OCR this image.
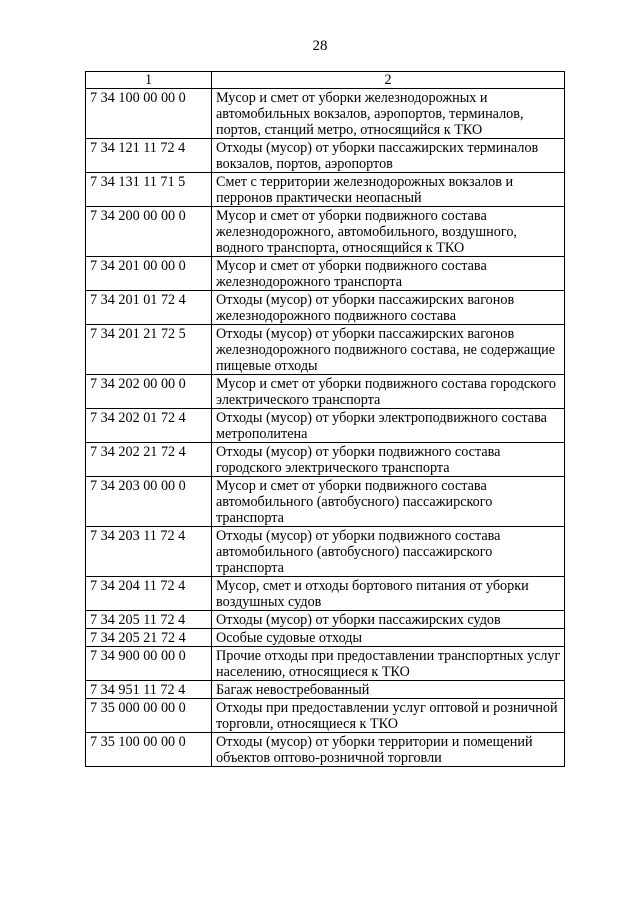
28
1	2
7 34 100 00 00 0	Мусор и смет от уборки железнодорожных и автомобильных вокзалов, аэропортов, терминалов, портов, станций метро, относящийся к ТКО
7 34 121 11 72 4	Отходы (мусор) от уборки пассажирских терминалов вокзалов, портов, аэропортов
7 34 131 11 71 5	Смет с территории железнодорожных вокзалов и перронов практически неопасный
7 34 200 00 00 0	Мусор и смет от уборки подвижного состава железнодорожного, автомобильного, воздушного, водного транспорта, относящийся к ТКО
7 34 201 00 00 0	Мусор и смет от уборки подвижного состава железнодорожного транспорта
7 34 201 01 72 4	Отходы (мусор) от уборки пассажирских вагонов железнодорожного подвижного состава
7 34 201 21 72 5	Отходы (мусор) от уборки пассажирских вагонов железнодорожного подвижного состава, не содержащие пищевые отходы
7 34 202 00 00 0	Мусор и смет от уборки подвижного состава городского электрического транспорта
7 34 202 01 72 4	Отходы (мусор) от уборки электроподвижного состава метрополитена
7 34 202 21 72 4	Отходы (мусор) от уборки подвижного состава городского электрического транспорта
7 34 203 00 00 0	Мусор и смет от уборки подвижного состава автомобильного (автобусного) пассажирского транспорта
7 34 203 11 72 4	Отходы (мусор) от уборки подвижного состава автомобильного (автобусного) пассажирского транспорта
7 34 204 11 72 4	Мусор, смет и отходы бортового питания от уборки воздушных судов
7 34 205 11 72 4	Отходы (мусор) от уборки пассажирских судов
7 34 205 21 72 4	Особые судовые отходы
7 34 900 00 00 0	Прочие отходы при предоставлении транспортных услуг населению, относящиеся к ТКО
7 34 951 11 72 4	Багаж невостребованный
7 35 000 00 00 0	Отходы при предоставлении услуг оптовой и розничной торговли, относящиеся к ТКО
7 35 100 00 00 0	Отходы (мусор) от уборки территории и помещений объектов оптово-розничной торговли
